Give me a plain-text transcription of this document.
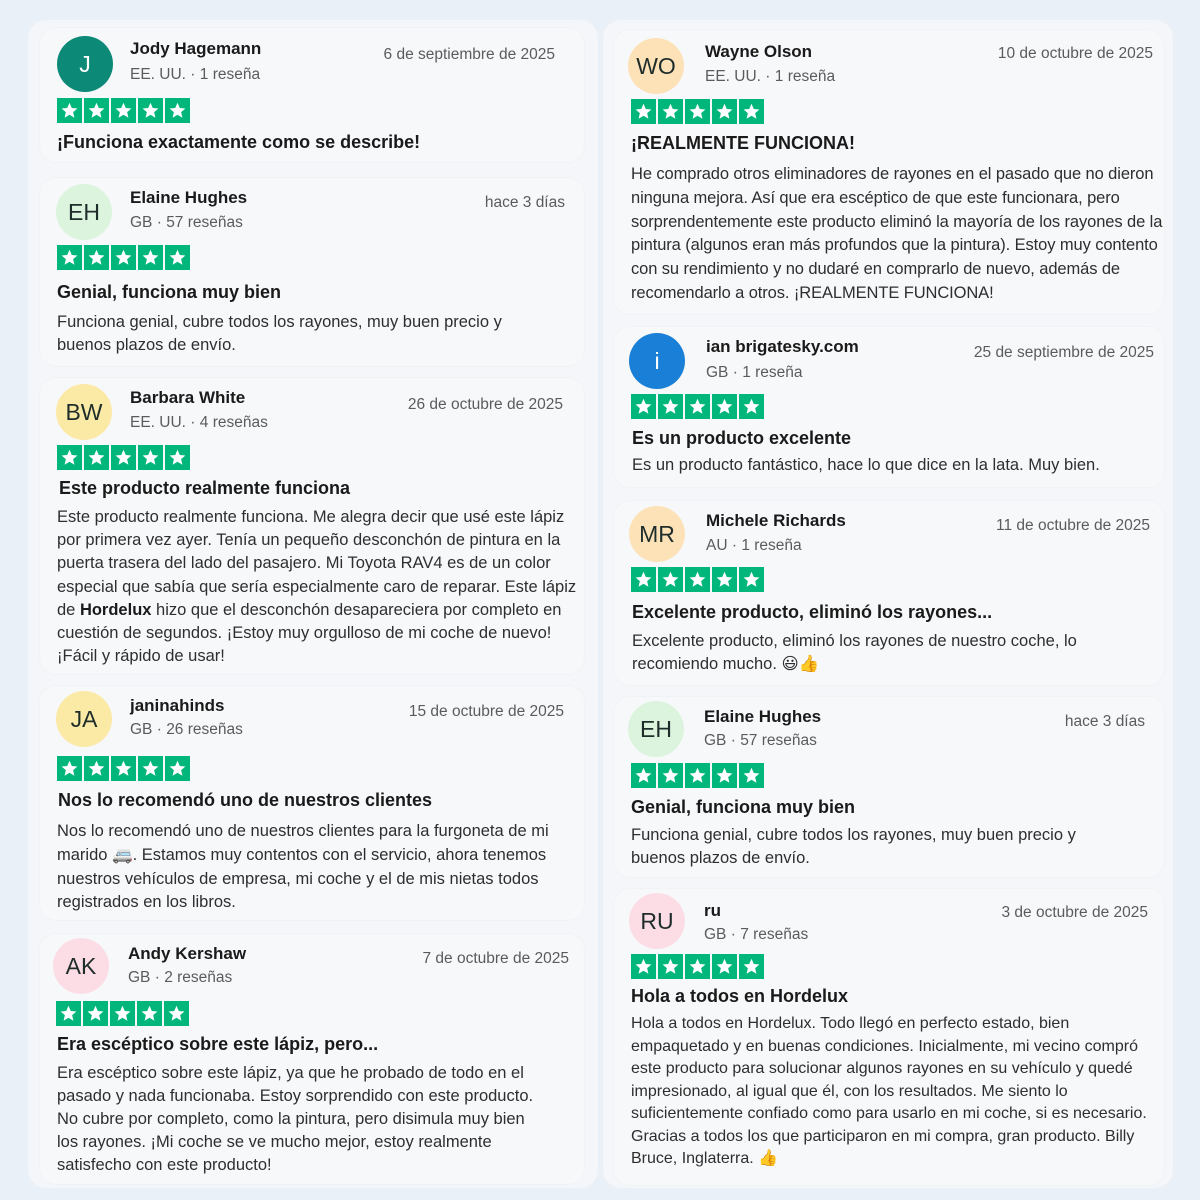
J
Jody Hagemann
EE. UU. · 1 reseña
6 de septiembre de 2025
¡Funciona exactamente como se describe!
EH
Elaine Hughes
GB · 57 reseñas
hace 3 días
Genial, funciona muy bien
Funciona genial, cubre todos los rayones, muy buen precio y buenos plazos de envío.
BW
Barbara White
EE. UU. · 4 reseñas
26 de octubre de 2025
Este producto realmente funciona
Este producto realmente funciona. Me alegra decir que usé este lápiz por primera vez ayer. Tenía un pequeño desconchón de pintura en la puerta trasera del lado del pasajero. Mi Toyota RAV4 es de un color especial que sabía que sería especialmente caro de reparar. Este lápiz de Hordelux hizo que el desconchón desapareciera por completo en cuestión de segundos. ¡Estoy muy orgulloso de mi coche de nuevo! ¡Fácil y rápido de usar!
JA janinahinds
GB · 26 reseñas
15 de octubre de 2025
Nos lo recomendó uno de nuestros clientes
Nos lo recomendó uno de nuestros clientes para la furgoneta de mi marido 🚐. Estamos muy contentos con el servicio, ahora tenemos nuestros vehículos de empresa, mi coche y el de mis nietas todos registrados en los libros.
AK Andy Kershaw
GB · 2 reseñas
7 de octubre de 2025
Era escéptico sobre este lápiz, pero...
Era escéptico sobre este lápiz, ya que he probado de todo en el pasado y nada funcionaba. Estoy sorprendido con este producto. No cubre por completo, como la pintura, pero disimula muy bien los rayones. ¡Mi coche se ve mucho mejor, estoy realmente satisfecho con este producto!
WO
Wayne Olson
EE. UU. · 1 reseña
10 de octubre de 2025
¡REALMENTE FUNCIONA!
He comprado otros eliminadores de rayones en el pasado que no dieron ninguna mejora. Así que era escéptico de que este funcionara, pero sorprendentemente este producto eliminó la mayoría de los rayones de la pintura (algunos eran más profundos que la pintura). Estoy muy contento con su rendimiento y no dudaré en comprarlo de nuevo, además de recomendarlo a otros. ¡REALMENTE FUNCIONA!
i
ian brigatesky.com
GB · 1 reseña
25 de septiembre de 2025
Es un producto excelente
Es un producto fantástico, hace lo que dice en la lata. Muy bien.
MR Michele Richards
AU · 1 reseña
11 de octubre de 2025
Excelente producto, eliminó los rayones...
Excelente producto, eliminó los rayones de nuestro coche, lo recomiendo mucho. 😃👍
EH Elaine Hughes
GB · 57 reseñas
hace 3 días
Genial, funciona muy bien
Funciona genial, cubre todos los rayones, muy buen precio y buenos plazos de envío.
RU ru
GB · 7 reseñas
3 de octubre de 2025
Hola a todos en Hordelux
Hola a todos en Hordelux. Todo llegó en perfecto estado, bien empaquetado y en buenas condiciones. Inicialmente, mi vecino compró este producto para solucionar algunos rayones en su vehículo y quedé impresionado, al igual que él, con los resultados. Me siento lo suficientemente confiado como para usarlo en mi coche, si es necesario. Gracias a todos los que participaron en mi compra, gran producto. Billy Bruce, Inglaterra. 👍
